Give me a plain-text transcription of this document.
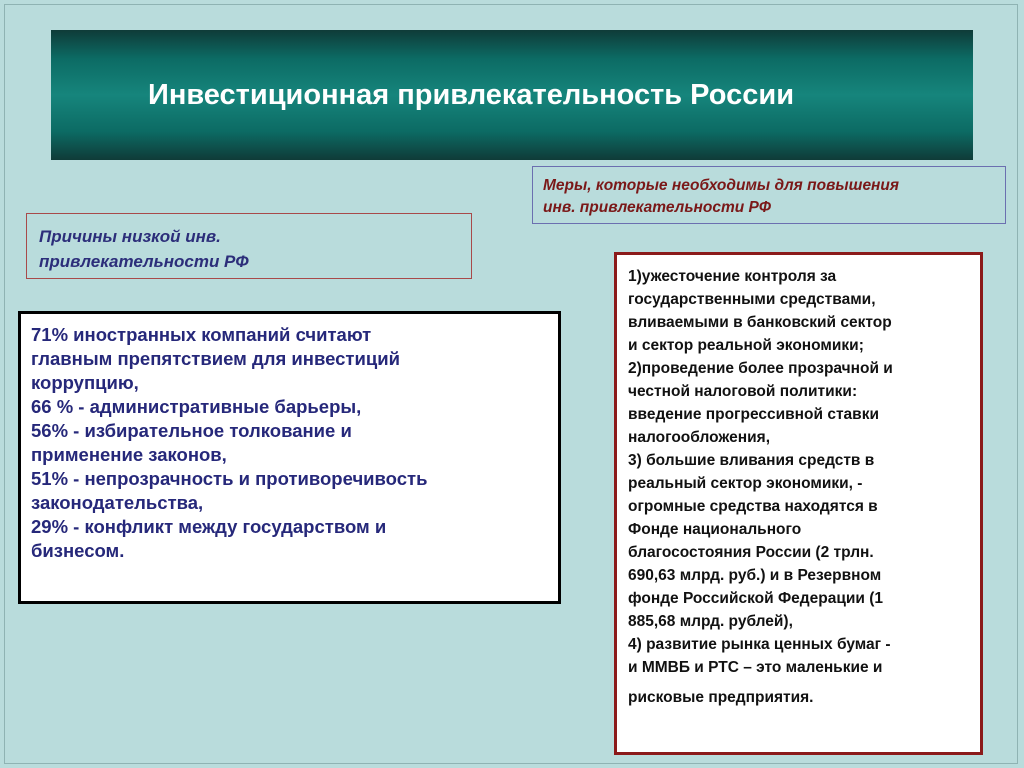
Инвестиционная привлекательность России
Меры, которые необходимы для повышения
инв. привлекательности РФ
Причины низкой инв.
привлекательности РФ
71% иностранных компаний считают
главным препятствием для инвестиций
коррупцию,
66 % - административные барьеры,
56% - избирательное толкование и
применение законов,
51% - непрозрачность и противоречивость
законодательства,
29% - конфликт между государством и
бизнесом.
1)ужесточение контроля за
государственными средствами,
вливаемыми в банковский сектор
и сектор реальной экономики;
2)проведение более прозрачной и
честной налоговой политики:
введение прогрессивной ставки
налогообложения,
3) большие вливания средств в
реальный сектор экономики, -
огромные средства находятся в
Фонде национального
благосостояния России (2 трлн.
690,63 млрд. руб.) и в Резервном
фонде Российской Федерации (1
885,68 млрд. рублей),
4) развитие рынка ценных бумаг -
и ММВБ и РТС – это маленькие и
рисковые предприятия.
